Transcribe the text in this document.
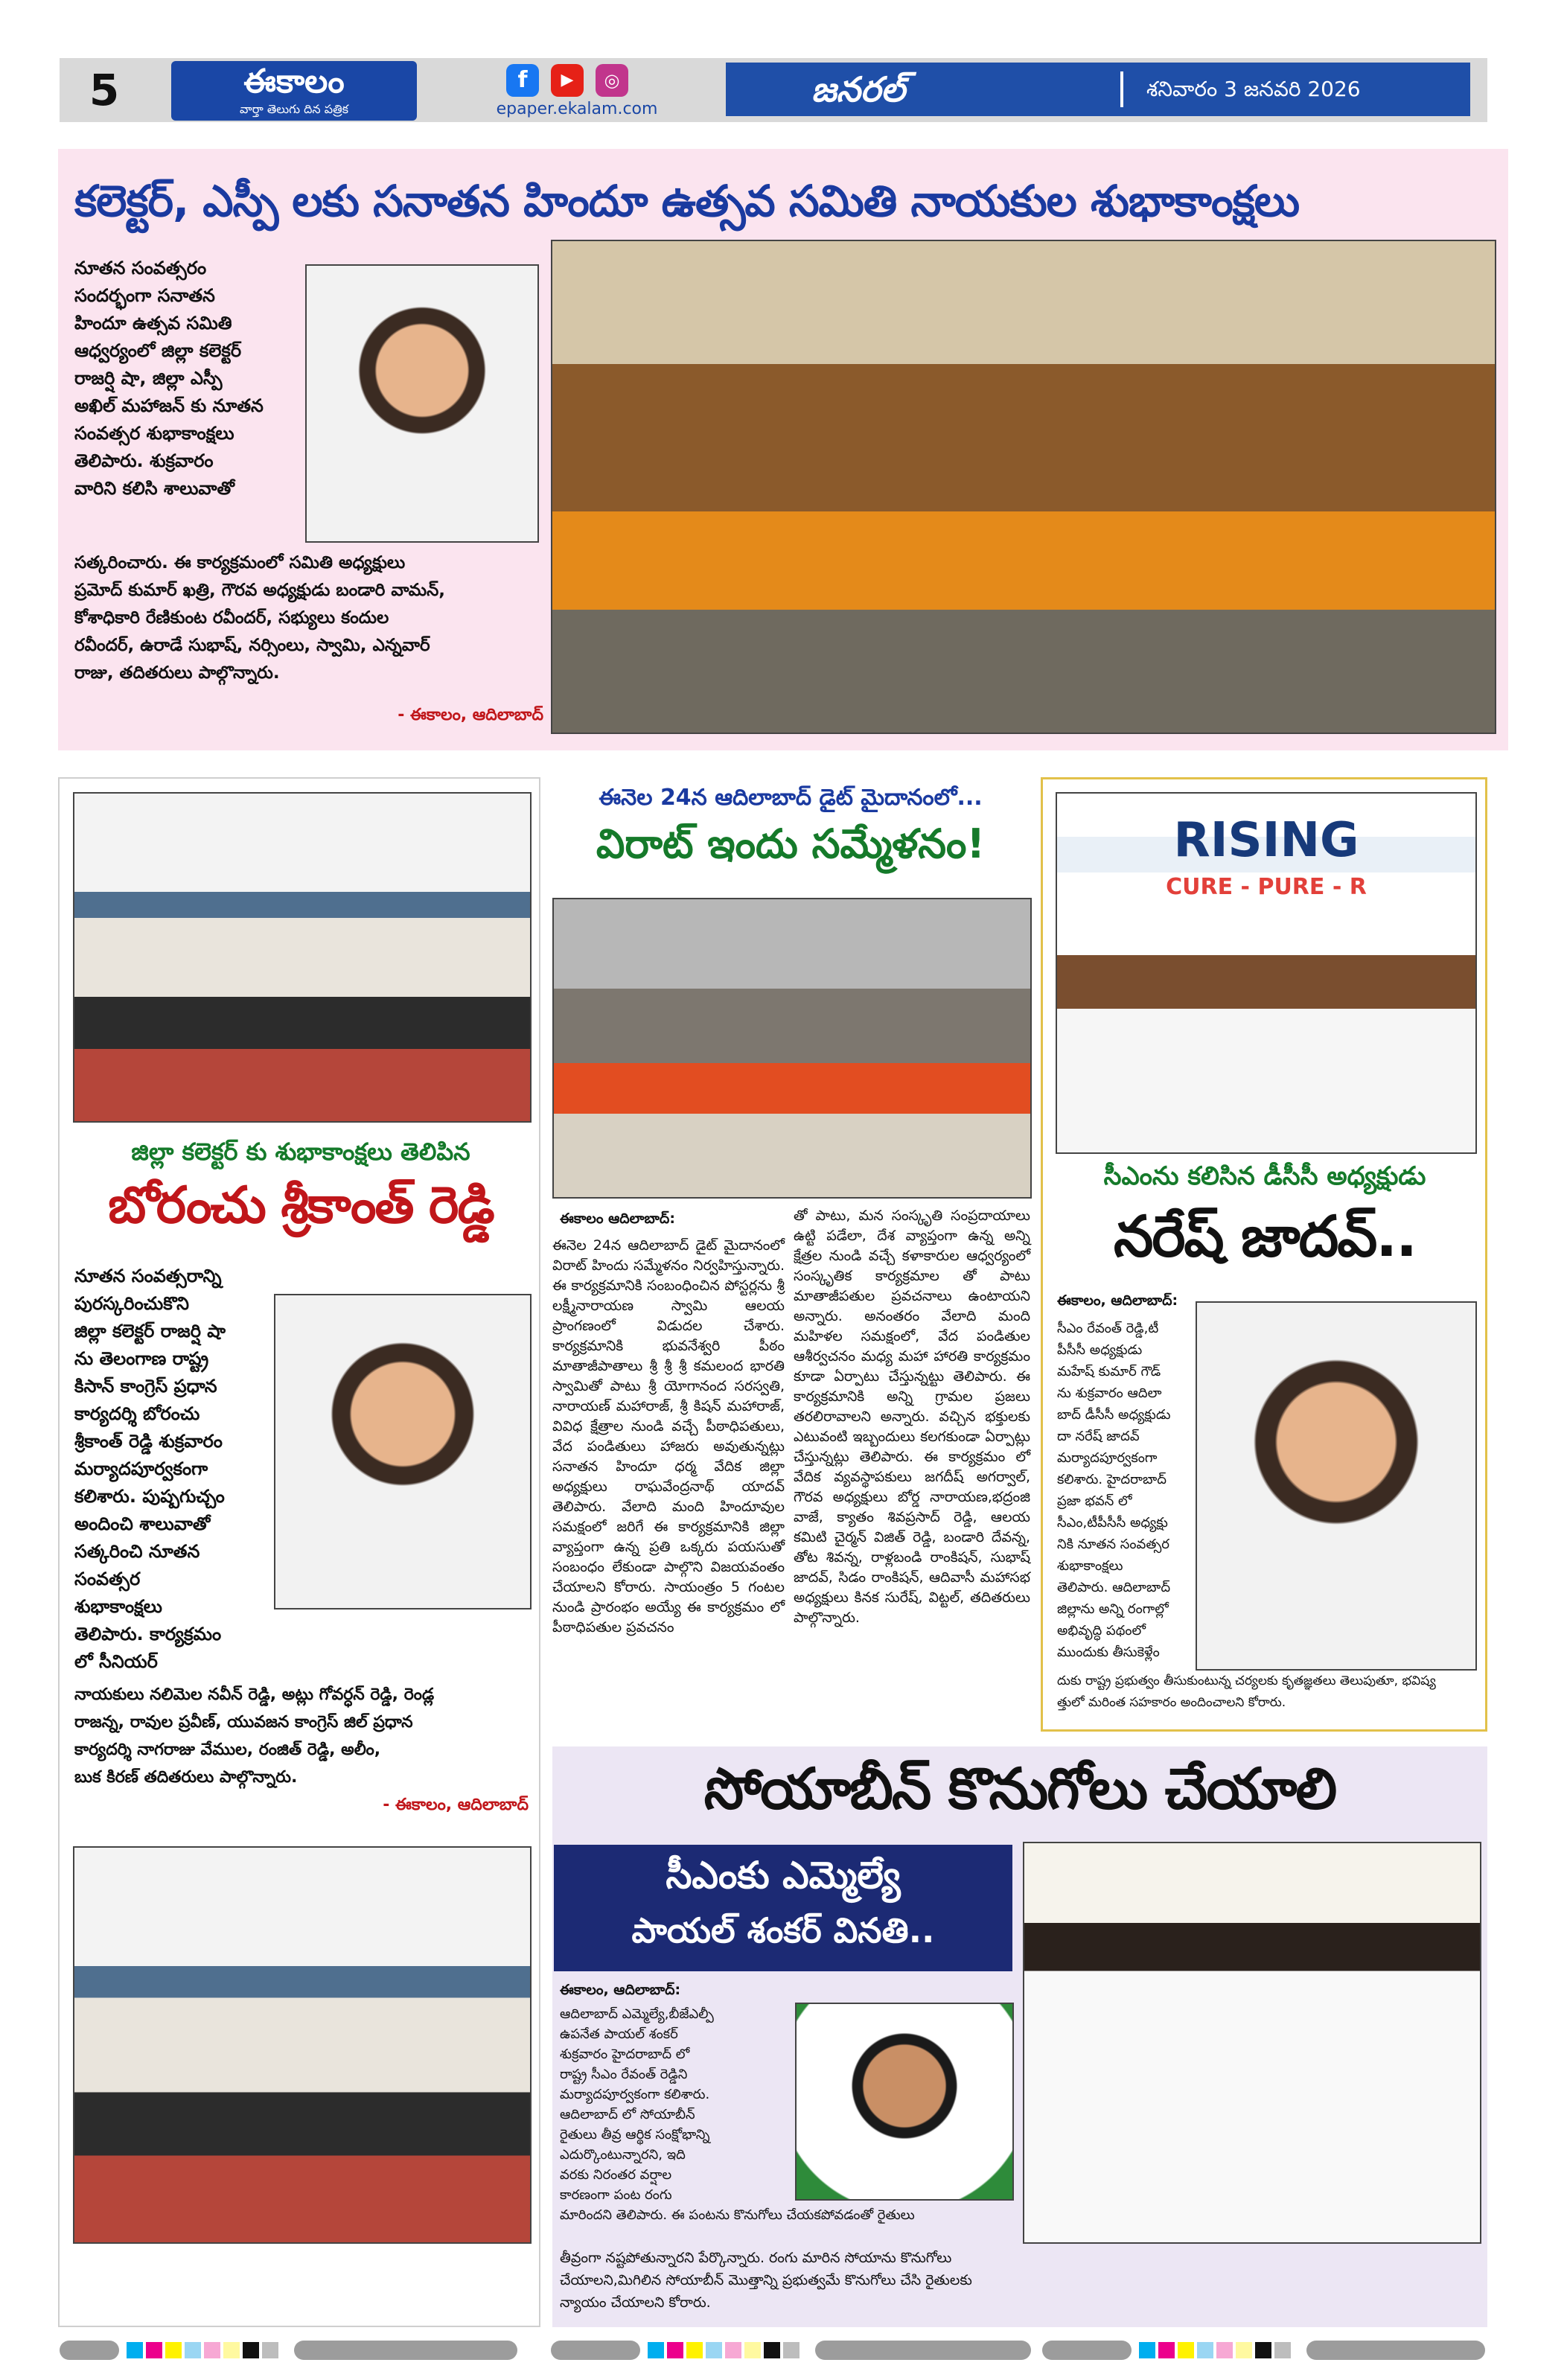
5	ఈకాలం
వార్తా తెలుగు దిన పత్రిక
f	▶	◎
epaper.ekalam.com	జనరల్	శనివారం 3 జనవరి 2026
కలెక్టర్, ఎస్పీ లకు సనాతన హిందూ ఉత్సవ సమితి నాయకుల శుభాకాంక్షలు
నూతన సంవత్సరం
సందర్భంగా సనాతన
హిందూ ఉత్సవ సమితి
ఆధ్వర్యంలో జిల్లా కలెక్టర్
రాజర్షి షా, జిల్లా ఎస్పీ
అఖిల్ మహాజన్ కు నూతన
సంవత్సర శుభాకాంక్షలు
తెలిపారు. శుక్రవారం
వారిని కలిసి శాలువాతో
సత్కరించారు. ఈ కార్యక్రమంలో సమితి అధ్యక్షులు
ప్రమోద్ కుమార్ ఖత్రి, గౌరవ అధ్యక్షుడు బండారి వామన్,
కోశాధికారి రేణికుంట రవీందర్, సభ్యులు కందుల
రవీందర్, ఉరాడే సుభాష్, నర్సింలు, స్వామి, ఎన్నవార్
రాజు, తదితరులు పాల్గొన్నారు.
- ఈకాలం, ఆదిలాబాద్
జిల్లా కలెక్టర్ కు శుభాకాంక్షలు తెలిపిన
బోరంచు శ్రీకాంత్ రెడ్డి
నూతన సంవత్సరాన్ని
పురస్కరించుకొని
జిల్లా కలెక్టర్ రాజర్షి షా
ను తెలంగాణ రాష్ట్ర
కిసాన్ కాంగ్రెస్ ప్రధాన
కార్యదర్శి బోరంచు
శ్రీకాంత్ రెడ్డి శుక్రవారం
మర్యాదపూర్వకంగా
కలిశారు. పుష్పగుచ్చం
అందించి శాలువాతో
సత్కరించి నూతన
సంవత్సర
శుభాకాంక్షలు
తెలిపారు. కార్యక్రమం
లో సీనియర్
నాయకులు నలిమెల నవీన్ రెడ్డి, అట్లు గోవర్ధన్ రెడ్డి, రెండ్ల
రాజన్న, రావుల ప్రవీణ్, యువజన కాంగ్రెస్ జిల్ ప్రధాన
కార్యదర్శి నాగరాజు వేముల, రంజిత్ రెడ్డి, అలీం,
బుక కిరణ్ తదితరులు పాల్గొన్నారు.
- ఈకాలం, ఆదిలాబాద్
ఈనెల 24న ఆదిలాబాద్ డైట్ మైదానంలో...
విరాట్ ఇందు సమ్మేళనం!
ఈకాలం ఆదిలాబాద్:
ఈనెల 24న ఆదిలాబాద్ డైట్ మైదానంలో విరాట్ హిందు సమ్మేళనం నిర్వహిస్తున్నారు. ఈ కార్యక్రమానికి సంబంధించిన పోస్టర్లను శ్రీ లక్ష్మీనారాయణ స్వామి ఆలయ ప్రాంగణంలో విడుదల చేశారు. కార్యక్రమానికి భువనేశ్వరి పీఠం మాతాజీపాతాలు శ్రీ శ్రీ శ్రీ కమలంద భారతి స్వామితో పాటు శ్రీ యోగానంద సరస్వతి, నారాయణ్ మహారాజ్, శ్రీ కిషన్ మహారాజ్, వివిధ క్షేత్రాల నుండి వచ్చే పీఠాధిపతులు, వేద పండితులు హాజరు అవుతున్నట్లు సనాతన హిందూ ధర్మ వేదిక జిల్లా అధ్యక్షులు రాఘవేంద్రనాథ్ యాదవ్ తెలిపారు. వేలాది మంది హిందూవుల సమక్షంలో జరిగే ఈ కార్యక్రమానికి జిల్లా వ్యాప్తంగా ఉన్న ప్రతి ఒక్కరు పయసుతో సంబంధం లేకుండా పాల్గొని విజయవంతం చేయాలని కోరారు. సాయంత్రం 5 గంటల నుండి ప్రారంభం అయ్యే ఈ కార్యక్రమం లో పీఠాధిపతుల ప్రవచనం
తో పాటు, మన సంస్కృతి సంప్రదాయాలు ఉట్టి పడేలా, దేశ వ్యాప్తంగా ఉన్న అన్ని క్షేత్రల నుండి వచ్చే కళాకారుల ఆధ్వర్యంలో సంస్కృతిక కార్యక్రమాల తో పాటు మాతాజీపతుల ప్రవచనాలు ఉంటాయని అన్నారు. అనంతరం వేలాది మంది మహిళల సమక్షంలో, వేద పండితుల ఆశీర్వచనం మధ్య మహా హారతి కార్యక్రమం కూడా ఏర్పాటు చేస్తున్నట్టు తెలిపారు. ఈ కార్యక్రమానికి అన్ని గ్రామల ప్రజలు తరలిరావాలని అన్నారు. వచ్చిన భక్తులకు ఎటువంటి ఇబ్బందులు కలగకుండా ఏర్పాట్లు చేస్తున్నట్లు తెలిపారు. ఈ కార్యక్రమం లో వేదిక వ్యవస్థాపకులు జగదీష్ అగర్వాల్, గౌరవ అధ్యక్షులు బోర్డ నారాయణ,భద్రంజి వాజే, క్యాతం శివప్రసాద్ రెడ్డి, ఆలయ కమిటి చైర్మన్ విజిత్ రెడ్డి, బండారి దేవన్న, తోట శివన్న, రాళ్లబండి రాంకిషన్, సుభాష్ జాదవ్, సిడం రాంకిషన్, ఆదివాసీ మహాసభ అధ్యక్షులు కినక సురేష్, విట్టల్, తదితరులు పాల్గొన్నారు.
RISING
CURE - PURE - R
సీఎంను కలిసిన డీసీసీ అధ్యక్షుడు
నరేష్ జాదవ్..
ఈకాలం, ఆదిలాబాద్:
సీఎం రేవంత్ రెడ్డి,టీ
పీసీసీ అధ్యక్షుడు
మహేష్ కుమార్ గౌడ్
ను శుక్రవారం ఆదిలా
బాద్ డీసీసీ అధ్యక్షుడు
దా నరేష్ జాదవ్
మర్యాదపూర్వకంగా
కలిశారు. హైదరాబాద్
ప్రజా భవన్ లో
సీఎం,టీపీసీసీ అధ్యక్షు
నికి నూతన సంవత్సర
శుభాకాంక్షలు
తెలిపారు. ఆదిలాబాద్
జిల్లాను అన్ని రంగాల్లో
అభివృద్ధి పథంలో
ముందుకు తీసుకెళ్లేం
దుకు రాష్ట్ర ప్రభుత్వం తీసుకుంటున్న చర్యలకు కృతజ్ఞతలు తెలుపుతూ, భవిష్య
త్తులో మరింత సహకారం అందించాలని కోరారు.
సోయాబీన్ కొనుగోలు చేయాలి
సీఎంకు ఎమ్మెల్యే
పాయల్ శంకర్ వినతి..
ఈకాలం, ఆదిలాబాద్:
ఆదిలాబాద్ ఎమ్మెల్యే,బీజేఎల్పీ
ఉపనేత పాయల్ శంకర్
శుక్రవారం హైదరాబాద్ లో
రాష్ట్ర సీఎం రేవంత్ రెడ్డిని
మర్యాదపూర్వకంగా కలిశారు.
ఆదిలాబాద్ లో సోయాబీన్
రైతులు తీవ్ర ఆర్థిక సంక్షోభాన్ని
ఎదుర్కొంటున్నారని, ఇది
వరకు నిరంతర వర్షాల
కారణంగా పంట రంగు
మారిందని తెలిపారు. ఈ పంటను కొనుగోలు చేయకపోవడంతో రైతులు
తీవ్రంగా నష్టపోతున్నారని పేర్కొన్నారు. రంగు మారిన సోయాను కొనుగోలు
చేయాలని,మిగిలిన సోయాబీన్ మొత్తాన్ని ప్రభుత్వమే కొనుగోలు చేసి రైతులకు
న్యాయం చేయాలని కోరారు.
